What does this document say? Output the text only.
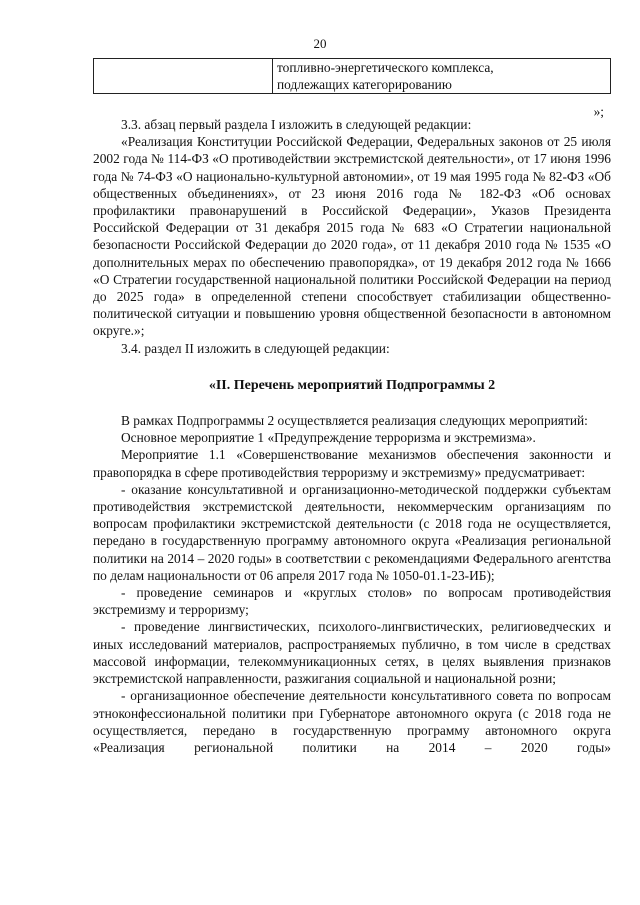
20

топливно-энергетического комплекса,
подлежащих категорированию
»;

3.3. абзац первый раздела I изложить в следующей редакции:

«Реализация Конституции Российской Федерации, Федеральных законов от 25 июля 2002 года № 114-ФЗ «О противодействии экстремистской деятельности», от 17 июня 1996 года № 74-ФЗ «О национально-культурной автономии», от 19 мая 1995 года № 82-ФЗ «Об общественных объединениях», от 23 июня 2016 года № 182-ФЗ «Об основах профилактики правонарушений в Российской Федерации», Указов Президента Российской Федерации от 31 декабря 2015 года № 683 «О Стратегии национальной безопасности Российской Федерации до 2020 года», от 11 декабря 2010 года № 1535 «О дополнительных мерах по обеспечению правопорядка», от 19 декабря 2012 года № 1666 «О Стратегии государственной национальной политики Российской Федерации на период до 2025 года» в определенной степени способствует стабилизации общественно-политической ситуации и повышению уровня общественной безопасности в автономном округе.»;

3.4. раздел II изложить в следующей редакции:

«II. Перечень мероприятий Подпрограммы 2

В рамках Подпрограммы 2 осуществляется реализация следующих мероприятий:

Основное мероприятие 1 «Предупреждение терроризма и экстремизма».

Мероприятие 1.1 «Совершенствование механизмов обеспечения законности и правопорядка в сфере противодействия терроризму и экстремизму» предусматривает:

- оказание консультативной и организационно-методической поддержки субъектам противодействия экстремистской деятельности, некоммерческим организациям по вопросам профилактики экстремистской деятельности (с 2018 года не осуществляется, передано в государственную программу автономного округа «Реализация региональной политики на 2014 – 2020 годы» в соответствии с рекомендациями Федерального агентства по делам национальности от 06 апреля 2017 года № 1050-01.1-23-ИБ);

- проведение семинаров и «круглых столов» по вопросам противодействия экстремизму и терроризму;

- проведение лингвистических, психолого-лингвистических, религиоведческих и иных исследований материалов, распространяемых публично, в том числе в средствах массовой информации, телекоммуникационных сетях, в целях выявления признаков экстремистской направленности, разжигания социальной и национальной розни;

- организационное обеспечение деятельности консультативного совета по вопросам этноконфессиональной политики при Губернаторе автономного округа (с 2018 года не осуществляется, передано в государственную программу автономного округа «Реализация региональной политики на 2014 – 2020 годы»
